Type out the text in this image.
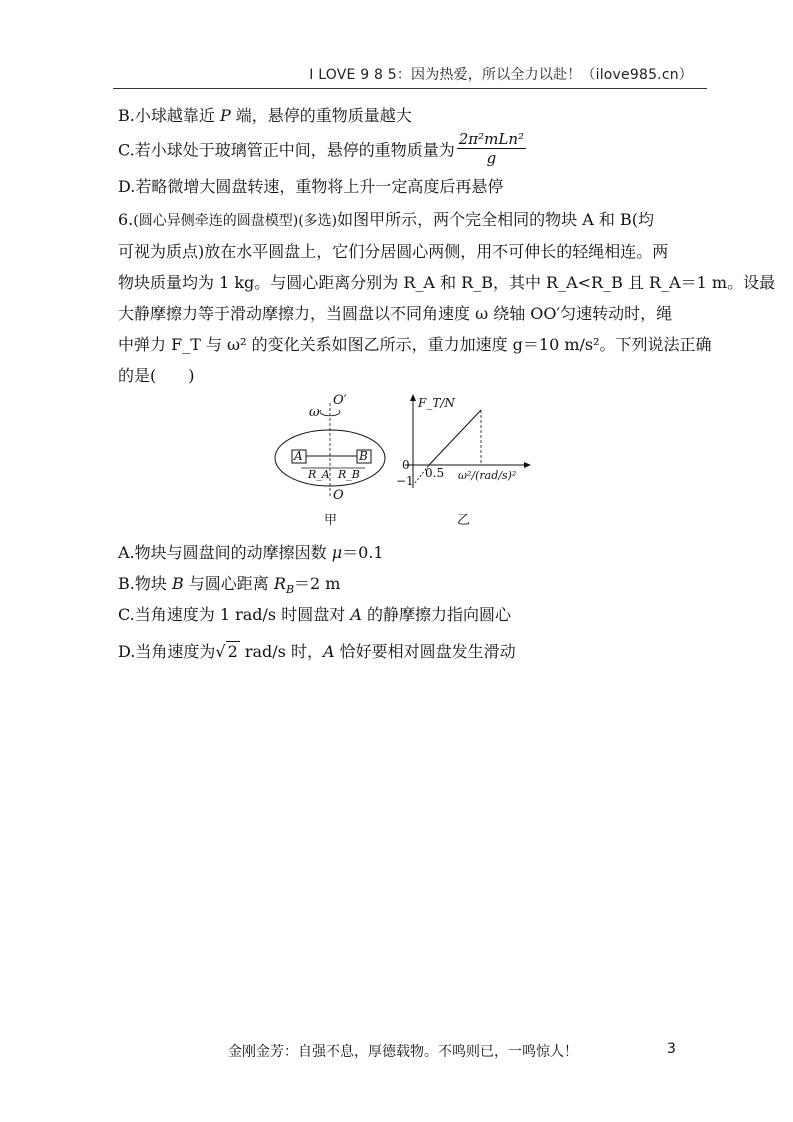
I LOVE 9 8 5：因为热爱，所以全力以赴！（ilove985.cn）
B.小球越靠近 P 端，悬停的重物质量越大
C.若小球处于玻璃管正中间，悬停的重物质量为 $\frac{\text{2π²mLn²}}{g}$
D.若略微增大圆盘转速，重物将上升一定高度后再悬停
6.(圆心异侧牵连的圆盘模型)(多选)如图甲所示，两个完全相同的物块 A 和 B(均
可视为质点)放在水平圆盘上，它们分居圆心两侧，用不可伸长的轻绳相连。两
物块质量均为 1 kg。与圆心距离分别为 R_A 和 R_B，其中 R_A<R_B 且 R_A＝1 m。设最
大静摩擦力等于滑动摩擦力，当圆盘以不同角速度 ω 绕轴 OO′匀速转动时，绳
中弹力 F_T 与 ω² 的变化关系如图乙所示，重力加速度 g＝10 m/s²。下列说法正确
的是(　　)
O′
ω
A	B
R_A R_B
O
甲
F_T/N
0
−1
0.5 ω²/(rad/s)²
乙
A.物块与圆盘间的动摩擦因数 μ＝0.1
B.物块 B 与圆心距离 $R_B=2$ m
C.当角速度为 1 rad/s 时圆盘对 A 的静摩擦力指向圆心
D.当角速度为√ 2 rad/s 时，A 恰好要相对圆盘发生滑动
金刚金芳：自强不息，厚德载物。不鸣则已，一鸣惊人！	3
